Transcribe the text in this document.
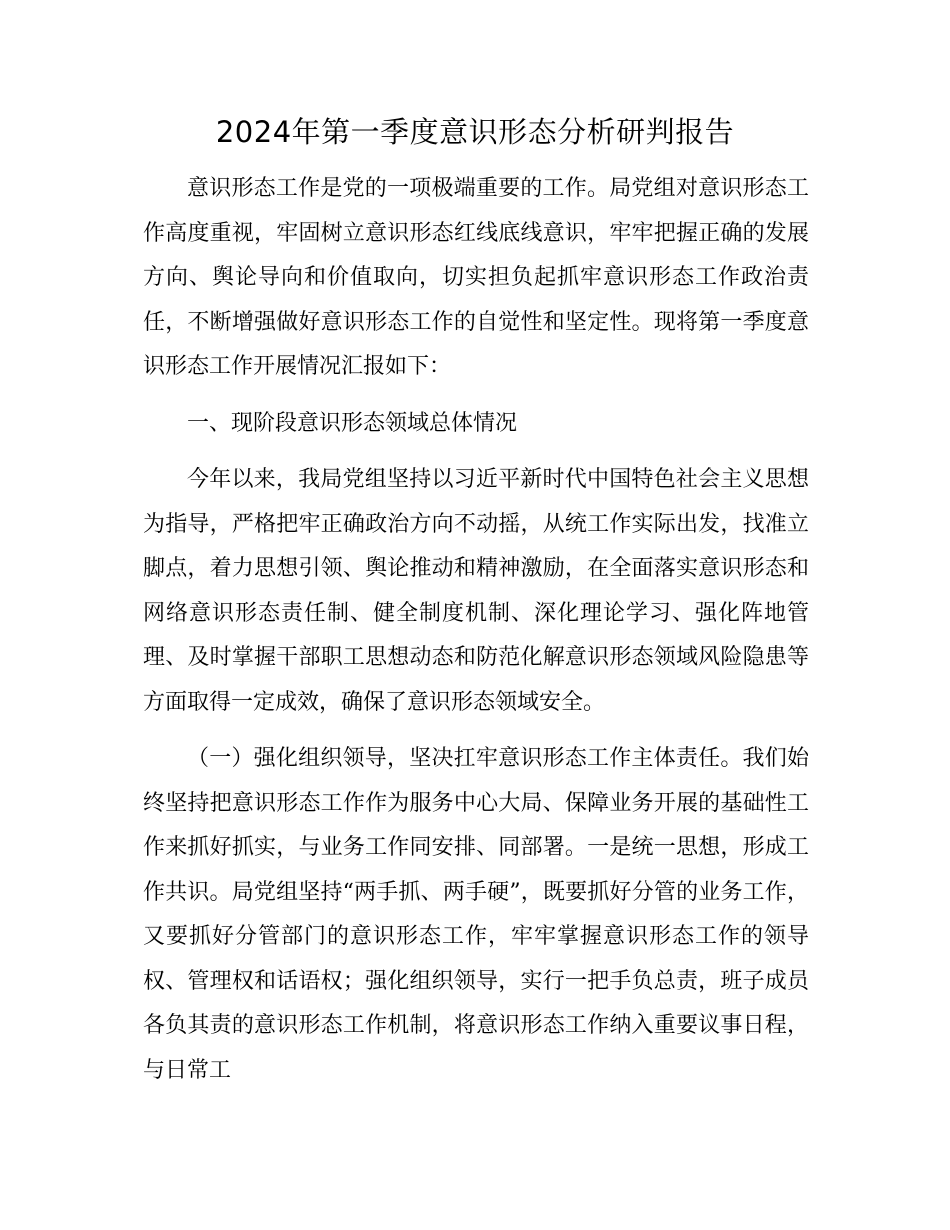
2024年第一季度意识形态分析研判报告

意识形态工作是党的一项极端重要的工作。局党组对意识形态工作高度重视，牢固树立意识形态红线底线意识，牢牢把握正确的发展方向、舆论导向和价值取向，切实担负起抓牢意识形态工作政治责任，不断增强做好意识形态工作的自觉性和坚定性。现将第一季度意识形态工作开展情况汇报如下：

一、现阶段意识形态领域总体情况

今年以来，我局党组坚持以习近平新时代中国特色社会主义思想为指导，严格把牢正确政治方向不动摇，从统工作实际出发，找准立脚点，着力思想引领、舆论推动和精神激励，在全面落实意识形态和网络意识形态责任制、健全制度机制、深化理论学习、强化阵地管理、及时掌握干部职工思想动态和防范化解意识形态领域风险隐患等方面取得一定成效，确保了意识形态领域安全。

（一）强化组织领导，坚决扛牢意识形态工作主体责任。我们始终坚持把意识形态工作作为服务中心大局、保障业务开展的基础性工作来抓好抓实，与业务工作同安排、同部署。一是统一思想，形成工作共识。局党组坚持“两手抓、两手硬”，既要抓好分管的业务工作，又要抓好分管部门的意识形态工作，牢牢掌握意识形态工作的领导权、管理权和话语权；强化组织领导，实行一把手负总责，班子成员各负其责的意识形态工作机制，将意识形态工作纳入重要议事日程，与日常工
